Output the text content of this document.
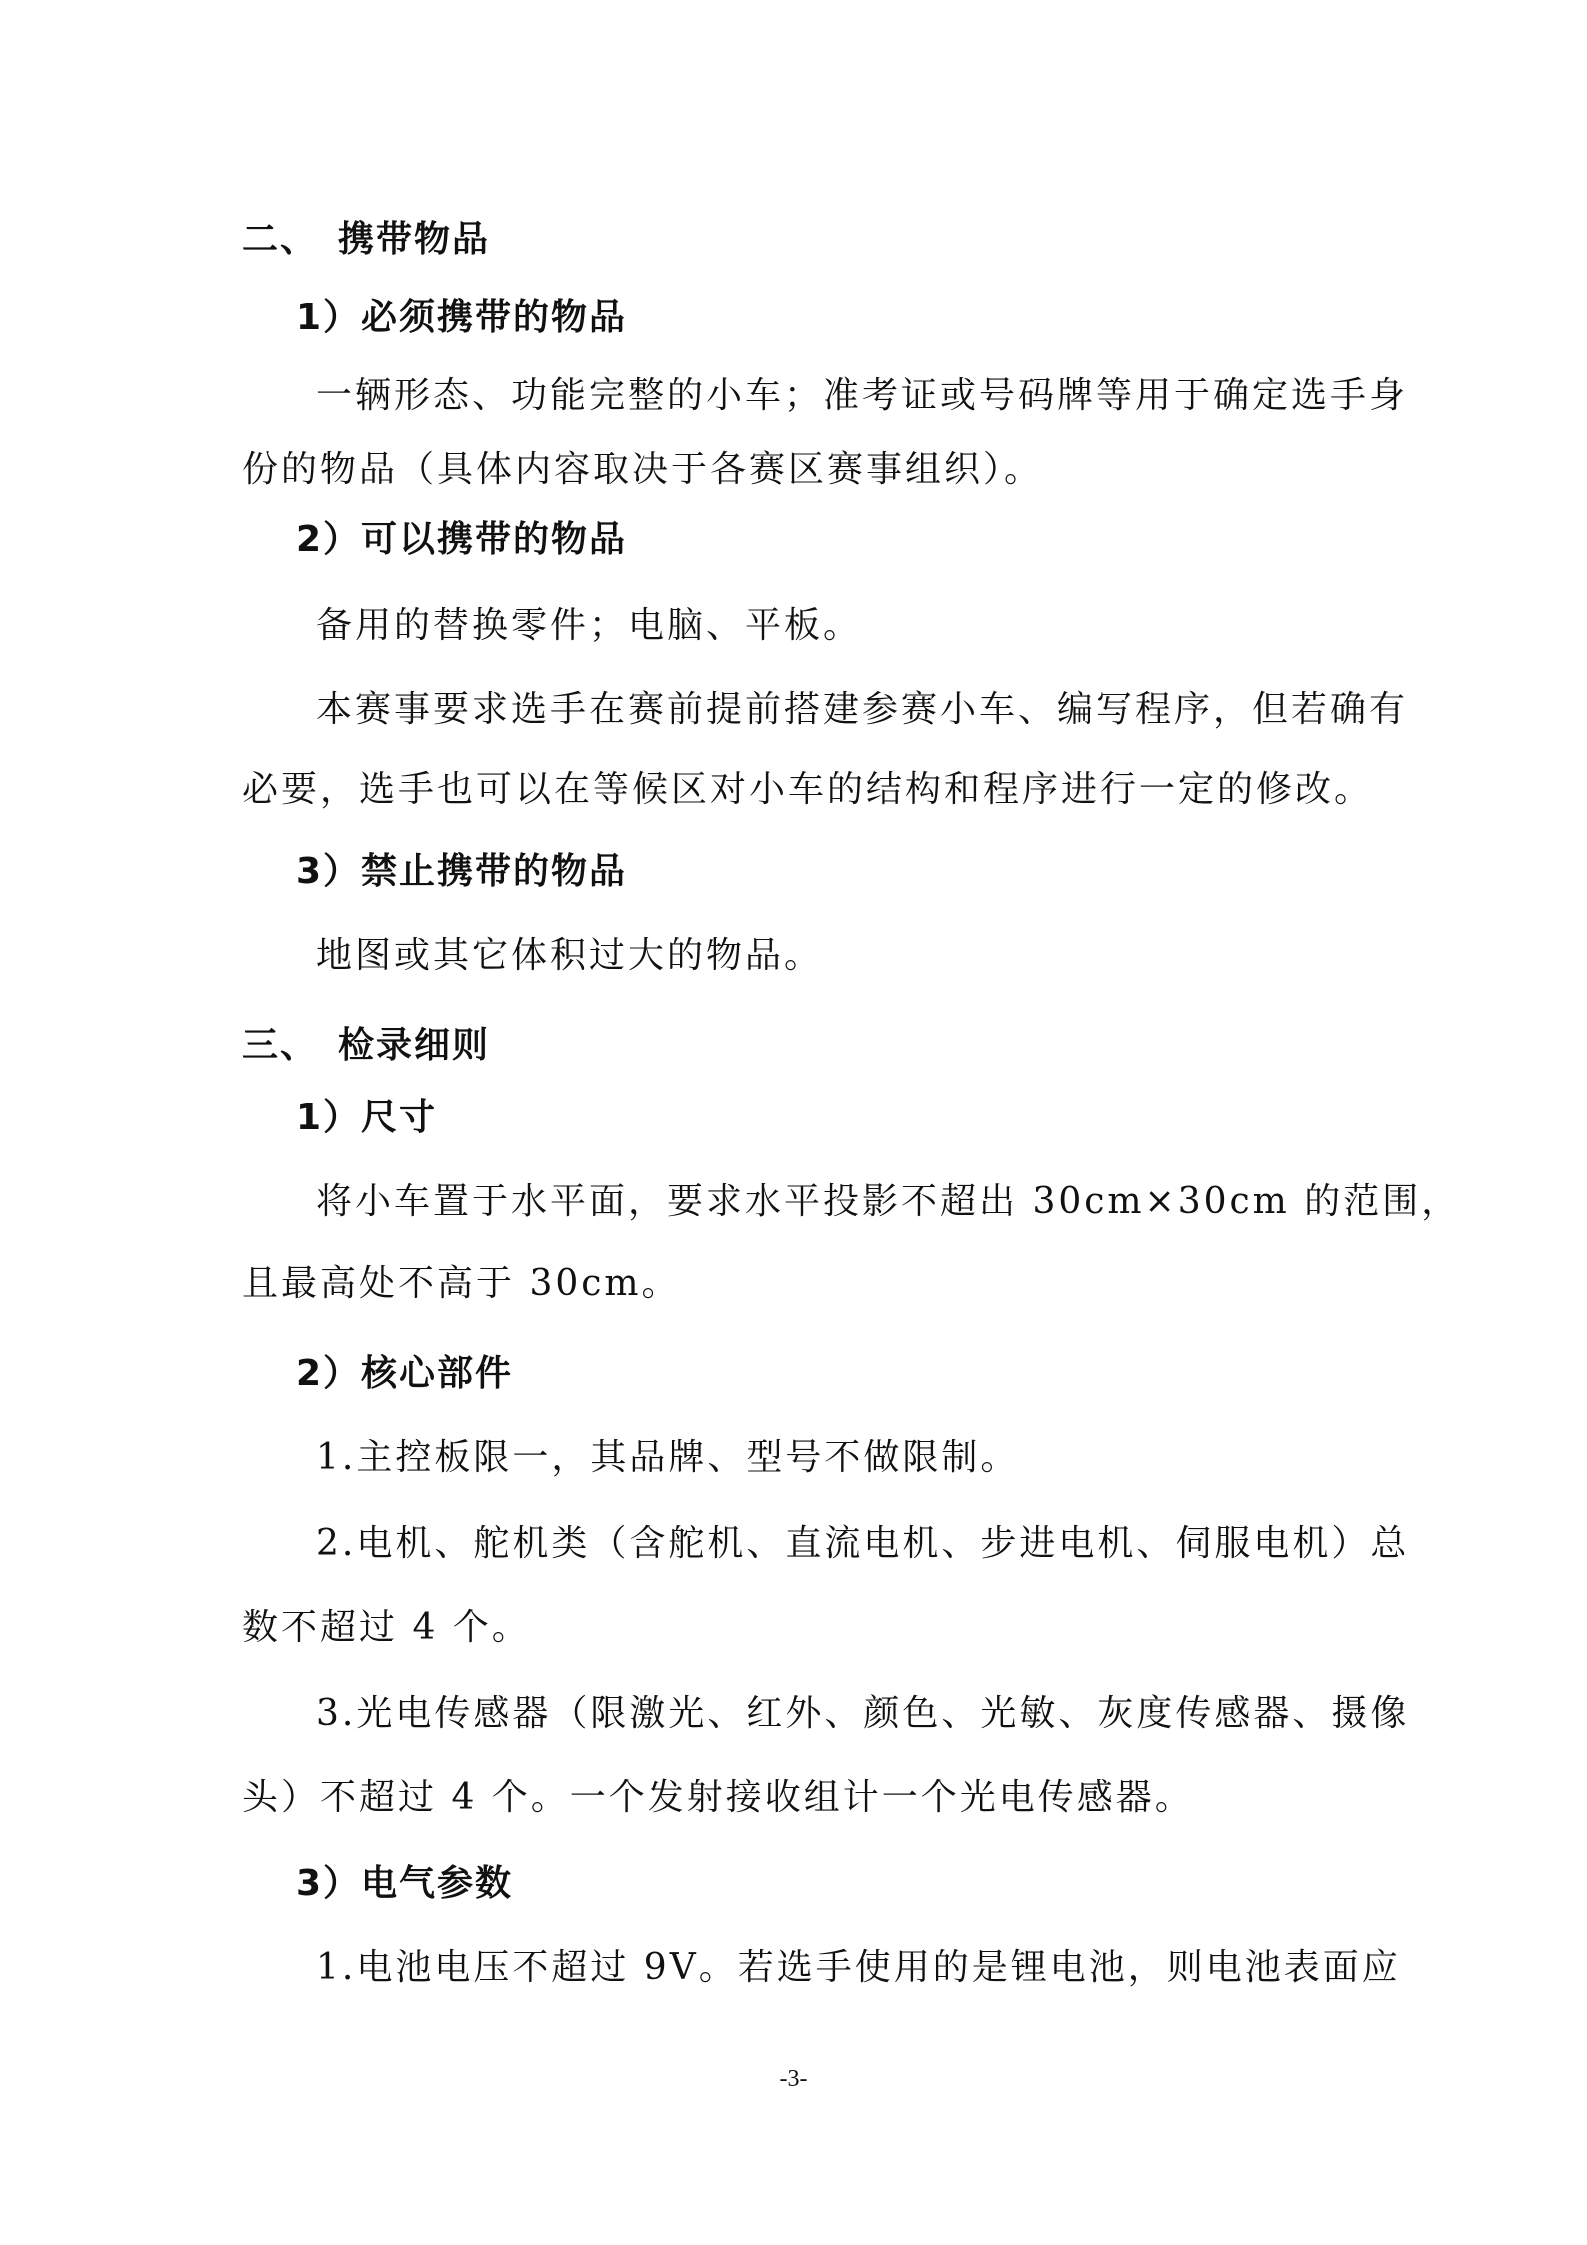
二、 携带物品
1）必须携带的物品
一辆形态、功能完整的小车；准考证或号码牌等用于确定选手身
份的物品（具体内容取决于各赛区赛事组织）。
2）可以携带的物品
备用的替换零件；电脑、平板。
本赛事要求选手在赛前提前搭建参赛小车、编写程序，但若确有
必要，选手也可以在等候区对小车的结构和程序进行一定的修改。
3）禁止携带的物品
地图或其它体积过大的物品。
三、 检录细则
1）尺寸
将小车置于水平面，要求水平投影不超出 30cm×30cm 的范围，
且最高处不高于 30cm。
2）核心部件
1.主控板限一，其品牌、型号不做限制。
2.电机、舵机类（含舵机、直流电机、步进电机、伺服电机）总
数不超过 4 个。
3.光电传感器（限激光、红外、颜色、光敏、灰度传感器、摄像
头）不超过 4 个。一个发射接收组计一个光电传感器。
3）电气参数
1.电池电压不超过 9V。若选手使用的是锂电池，则电池表面应
-3-
